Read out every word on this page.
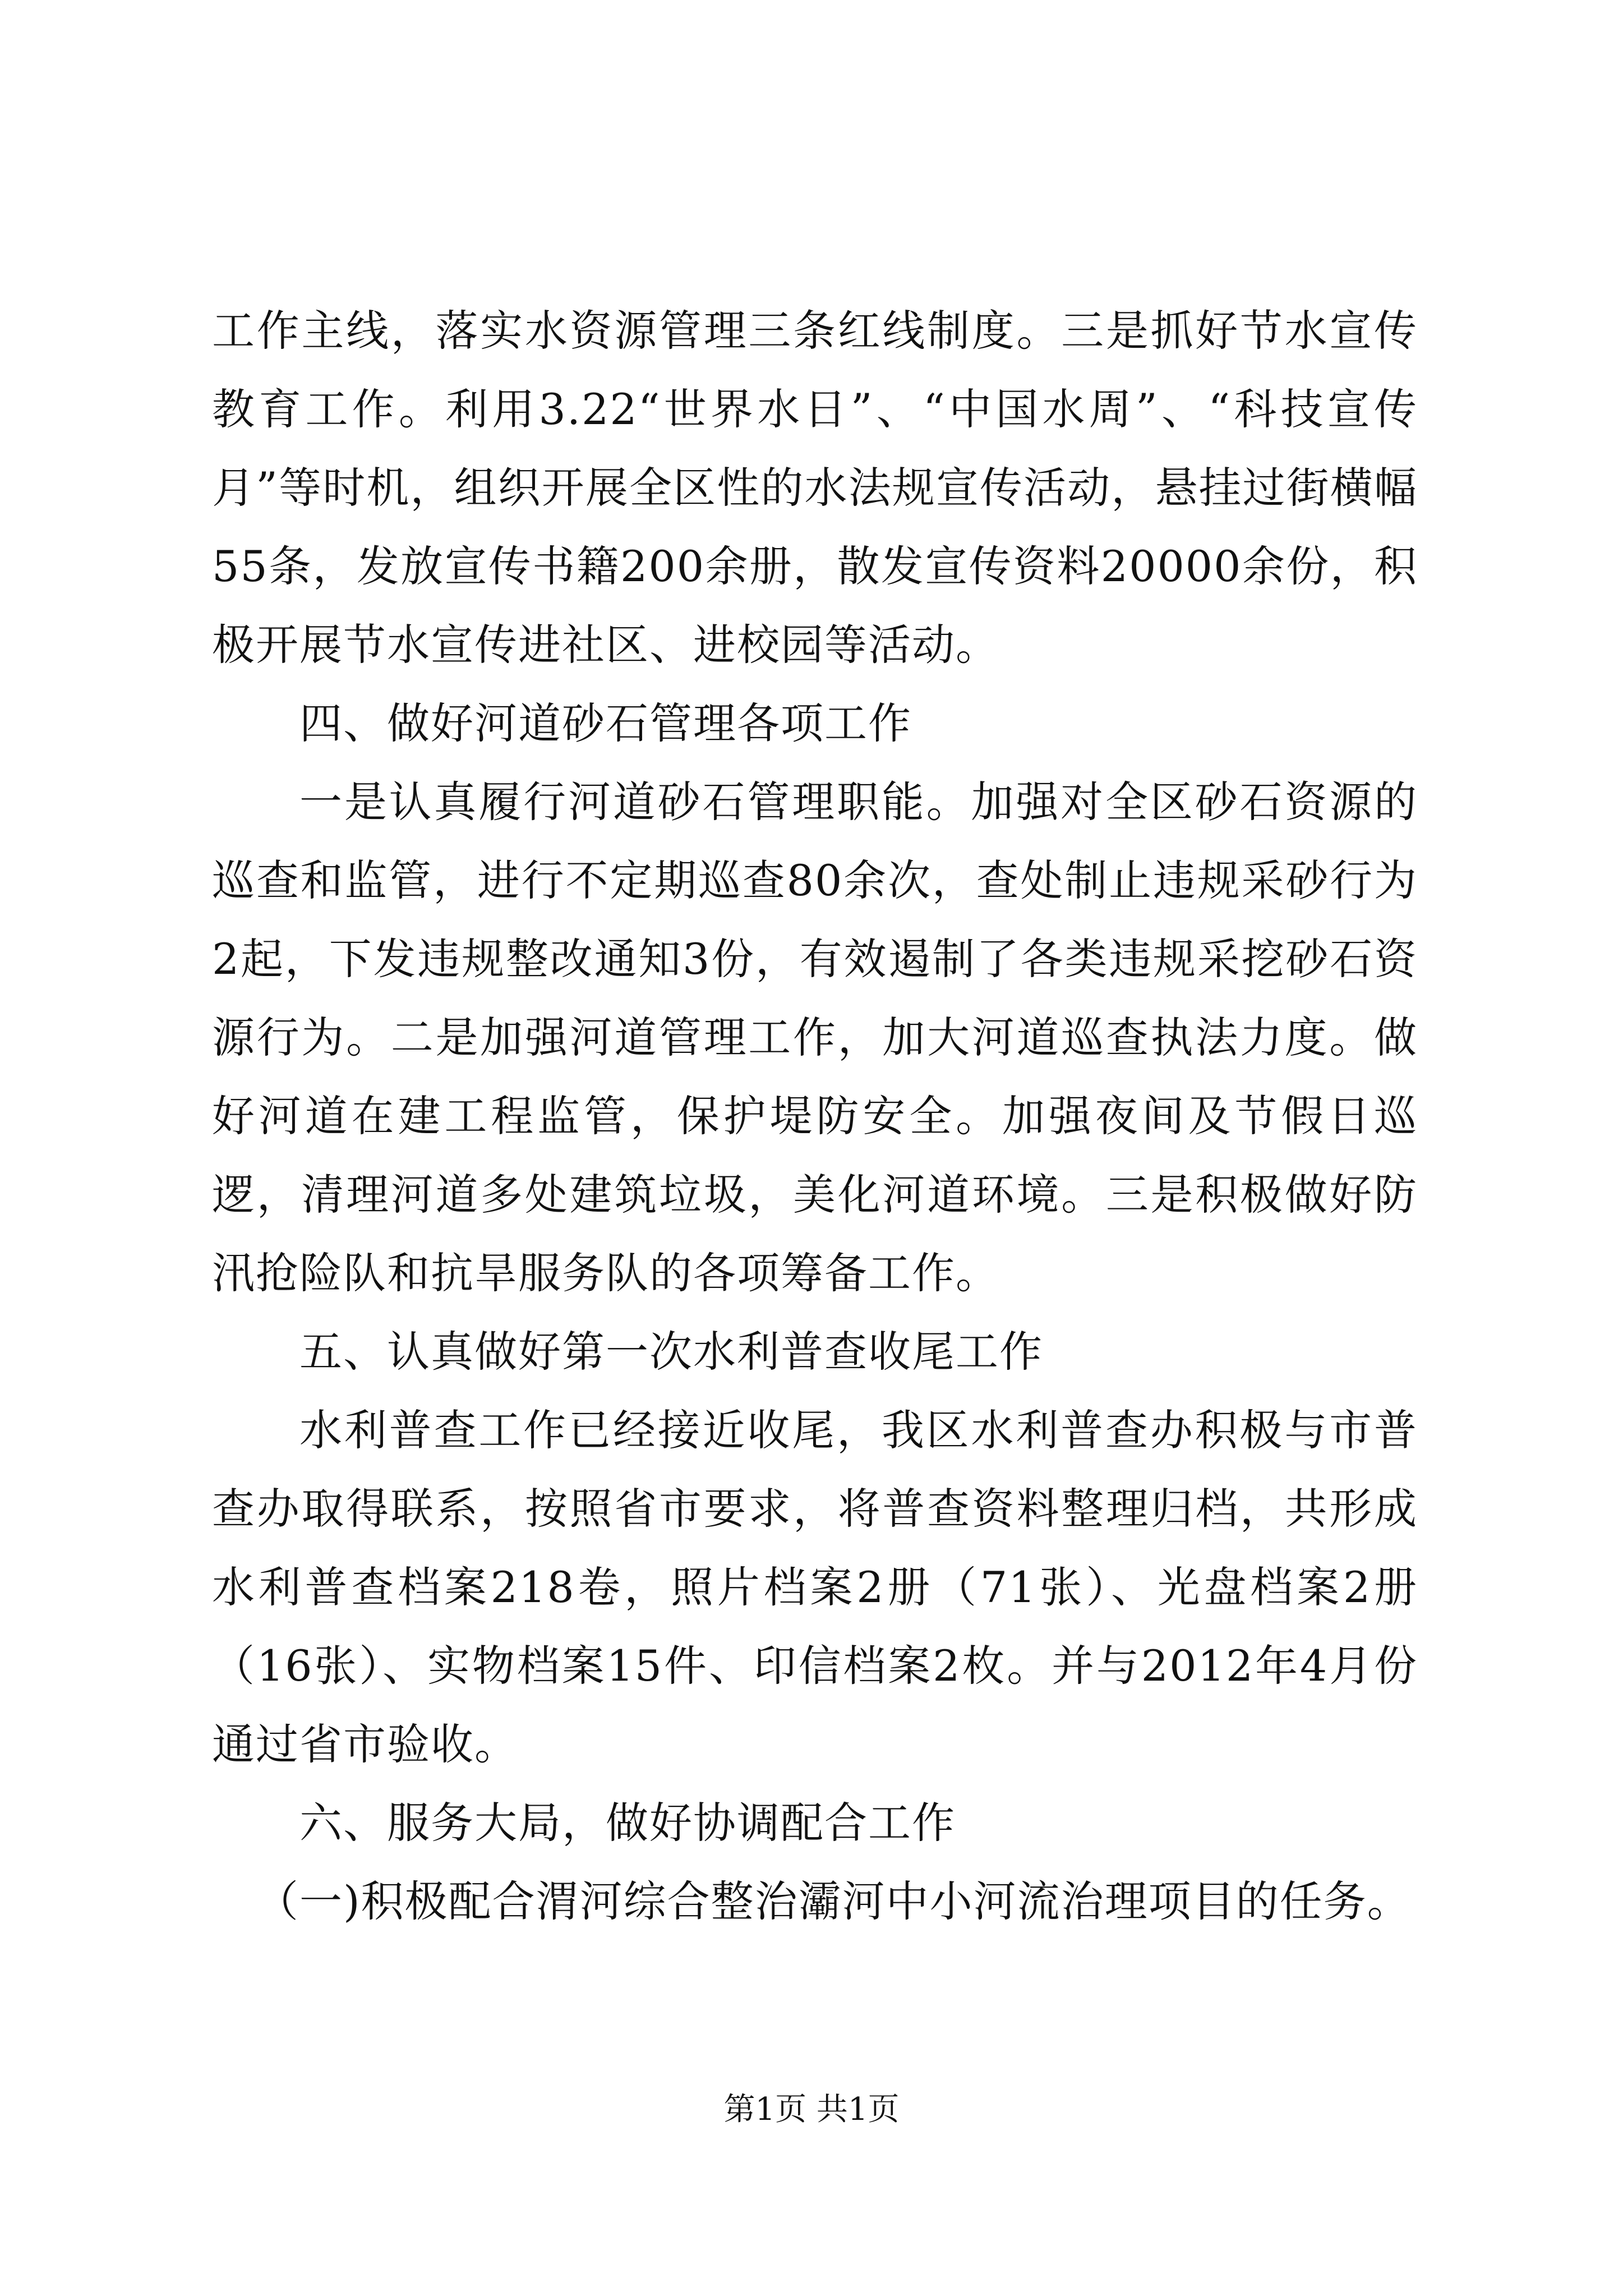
工作主线，落实水资源管理三条红线制度。三是抓好节水宣传教育工作。利用3.22“世界水日”、“中国水周”、“科技宣传月”等时机，组织开展全区性的水法规宣传活动，悬挂过街横幅55条，发放宣传书籍200余册，散发宣传资料20000余份，积极开展节水宣传进社区、进校园等活动。

四、做好河道砂石管理各项工作

一是认真履行河道砂石管理职能。加强对全区砂石资源的巡查和监管，进行不定期巡查80余次，查处制止违规采砂行为2起，下发违规整改通知3份，有效遏制了各类违规采挖砂石资源行为。二是加强河道管理工作，加大河道巡查执法力度。做好河道在建工程监管，保护堤防安全。加强夜间及节假日巡逻，清理河道多处建筑垃圾，美化河道环境。三是积极做好防汛抢险队和抗旱服务队的各项筹备工作。

五、认真做好第一次水利普查收尾工作

水利普查工作已经接近收尾，我区水利普查办积极与市普查办取得联系，按照省市要求，将普查资料整理归档，共形成水利普查档案218卷，照片档案2册（71张）、光盘档案2册（16张）、实物档案15件、印信档案2枚。并与2012年4月份通过省市验收。

六、服务大局，做好协调配合工作

（一)积极配合渭河综合整治灞河中小河流治理项目的任务。

第1页 共1页
